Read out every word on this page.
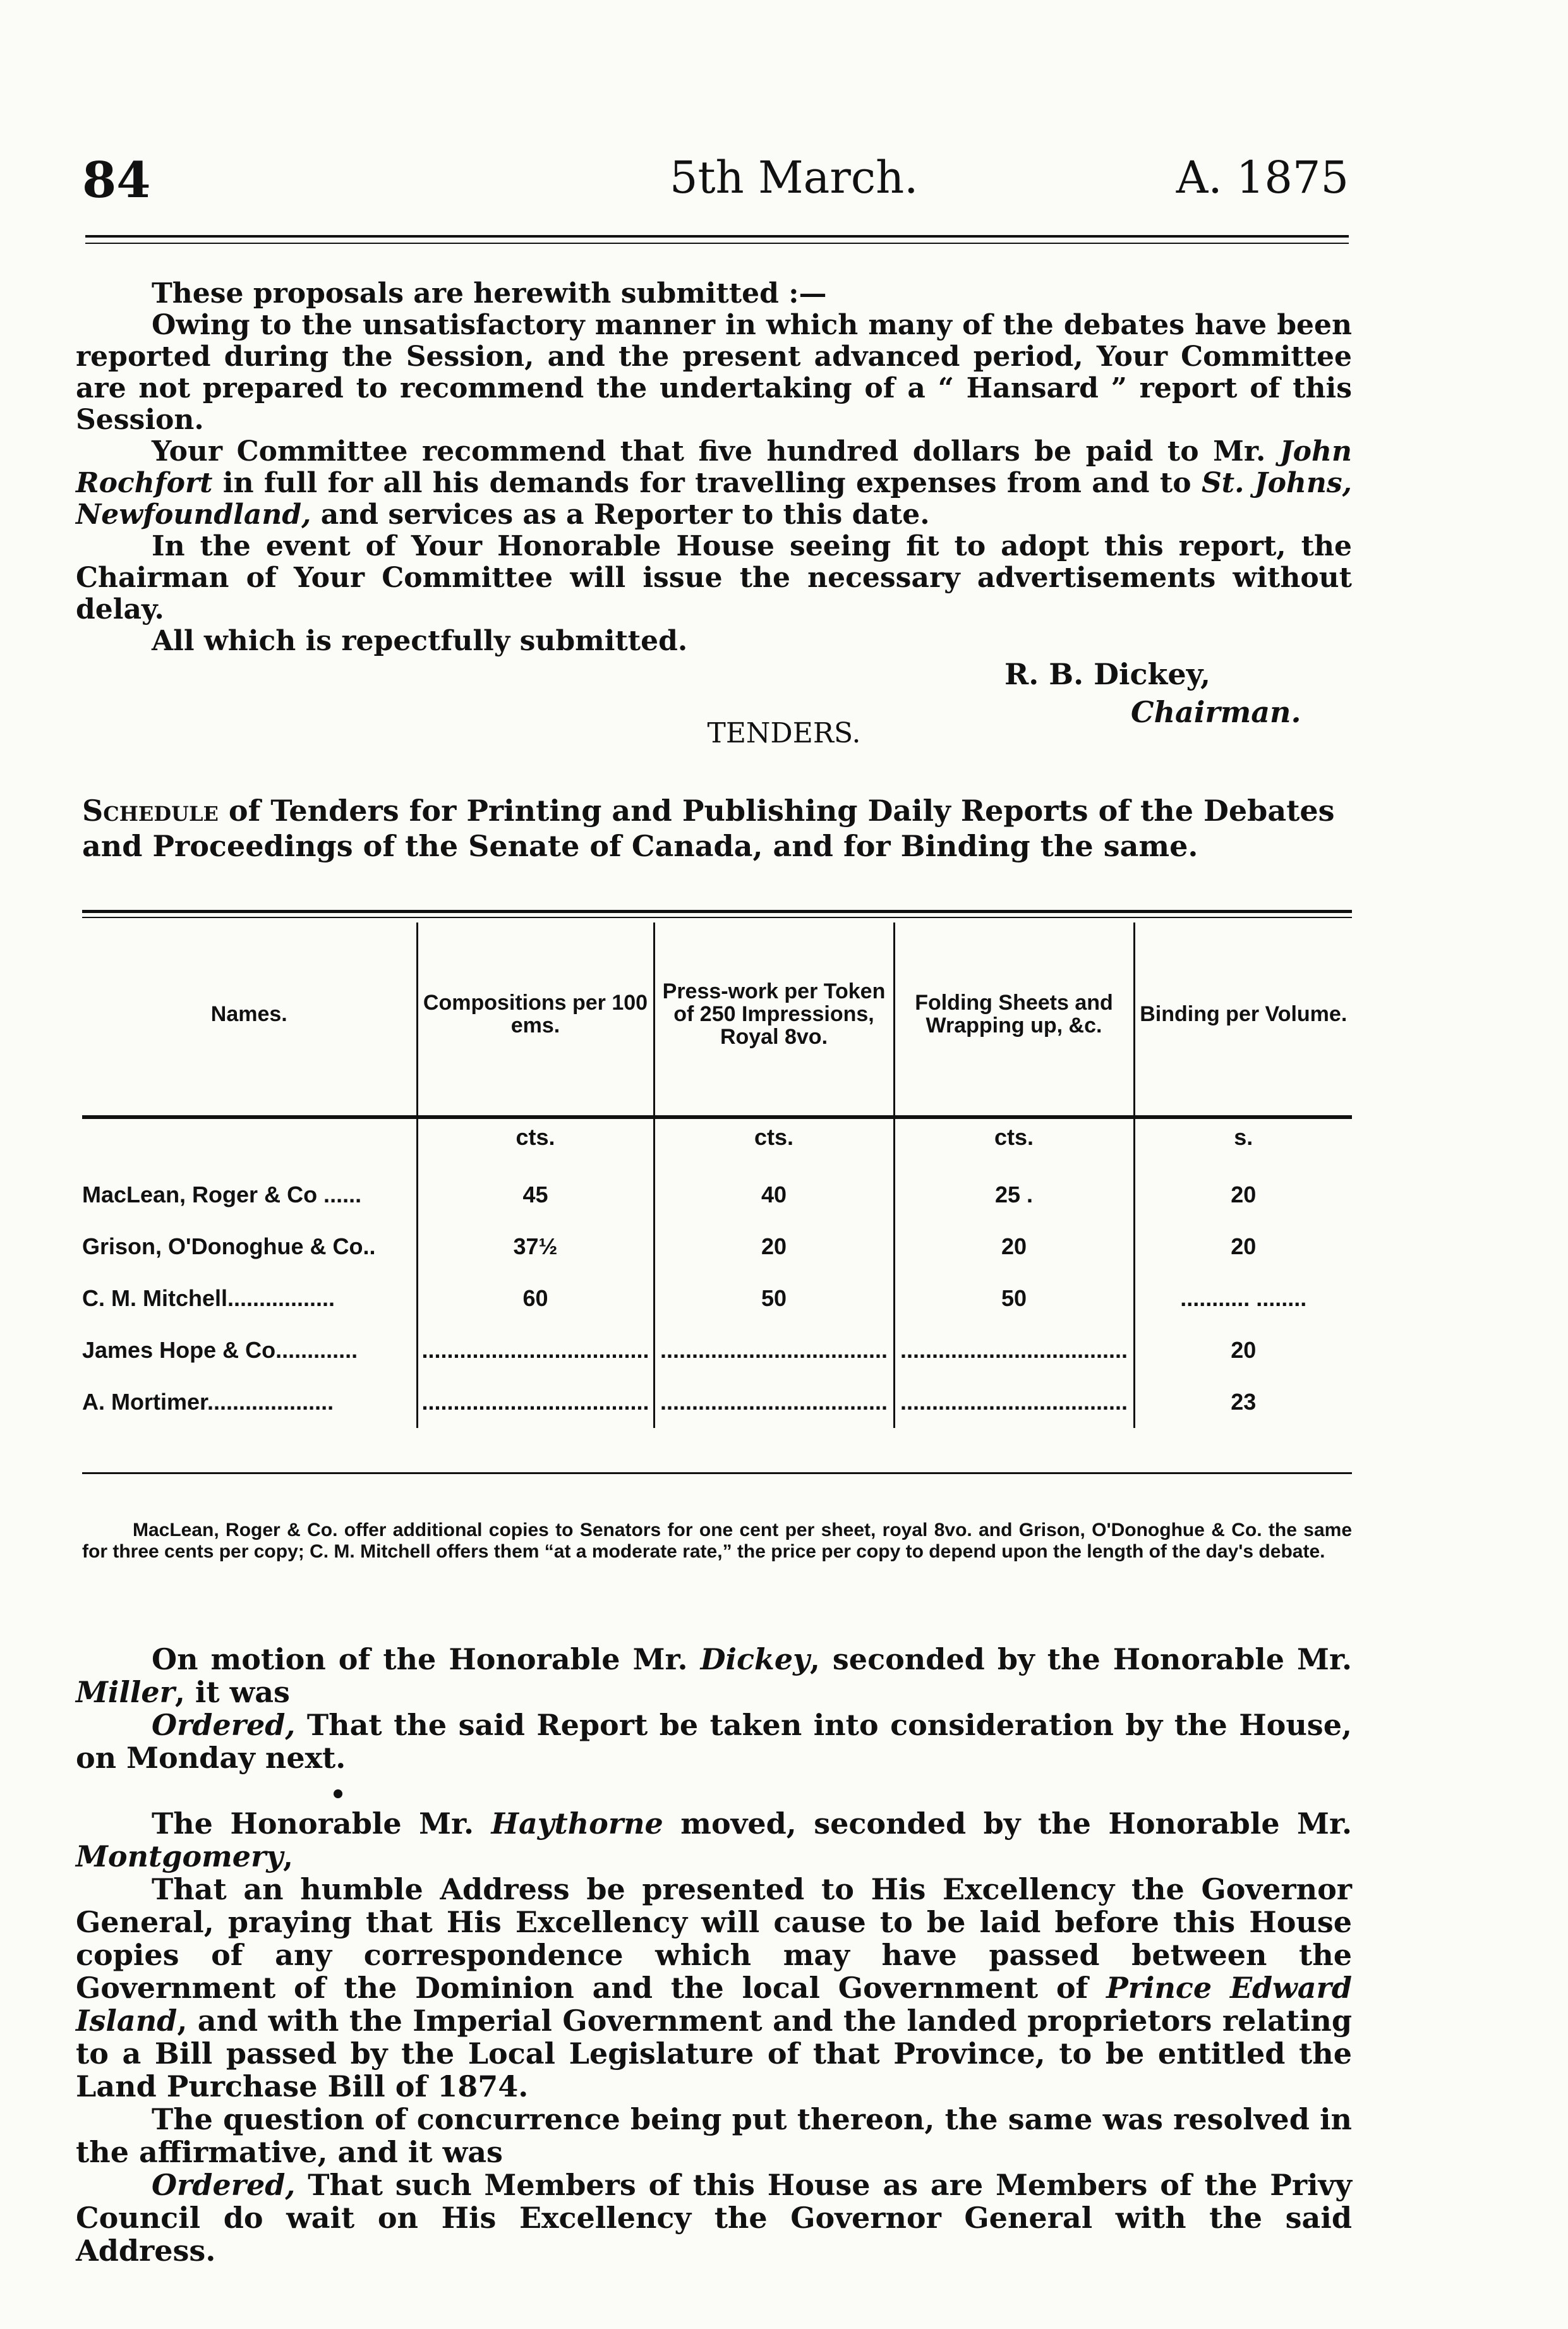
84	5th March.	A. 1875

These proposals are herewith submitted :—

Owing to the unsatisfactory manner in which many of the debates have been reported during the Session, and the present advanced period, Your Committee are not prepared to recommend the undertaking of a “ Hansard ” report of this Session.

Your Committee recommend that five hundred dollars be paid to Mr. John Rochfort in full for all his demands for travelling expenses from and to St. Johns, Newfoundland, and services as a Reporter to this date.

In the event of Your Honorable House seeing fit to adopt this report, the Chairman of Your Committee will issue the necessary advertisements without delay.

All which is repectfully submitted.

R. B. Dickey,
Chairman.
TENDERS.
Schedule of Tenders for Printing and Publishing Daily Reports of the Debates and Proceedings of the Senate of Canada, and for Binding the same.
Names.	Compositions per 100 ems.	Press-work per Token of 250 Impressions, Royal 8vo.	Folding Sheets and Wrapping up, &c.	Binding per Volume.
	cts.	cts.	cts.	s.
MacLean, Roger & Co ......	45	40	25 .	20
Grison, O'Donoghue & Co..	37½	20	20	20
C. M. Mitchell.................	60	50	50	........... ........
James Hope & Co.............	....................................	....................................	....................................	20
A. Mortimer....................	....................................	....................................	....................................	23
MacLean, Roger & Co. offer additional copies to Senators for one cent per sheet, royal 8vo. and Grison, O'Donoghue & Co. the same for three cents per copy; C. M. Mitchell offers them “at a moderate rate,” the price per copy to depend upon the length of the day's debate.

On motion of the Honorable Mr. Dickey, seconded by the Honorable Mr. Miller, it was

Ordered, That the said Report be taken into consideration by the House, on Monday next.

The Honorable Mr. Haythorne moved, seconded by the Honorable Mr. Montgomery,

That an humble Address be presented to His Excellency the Governor General, praying that His Excellency will cause to be laid before this House copies of any correspondence which may have passed between the Government of the Dominion and the local Government of Prince Edward Island, and with the Imperial Government and the landed proprietors relating to a Bill passed by the Local Legislature of that Province, to be entitled the Land Purchase Bill of 1874.

The question of concurrence being put thereon, the same was resolved in the affirmative, and it was

Ordered, That such Members of this House as are Members of the Privy Council do wait on His Excellency the Governor General with the said Address.
